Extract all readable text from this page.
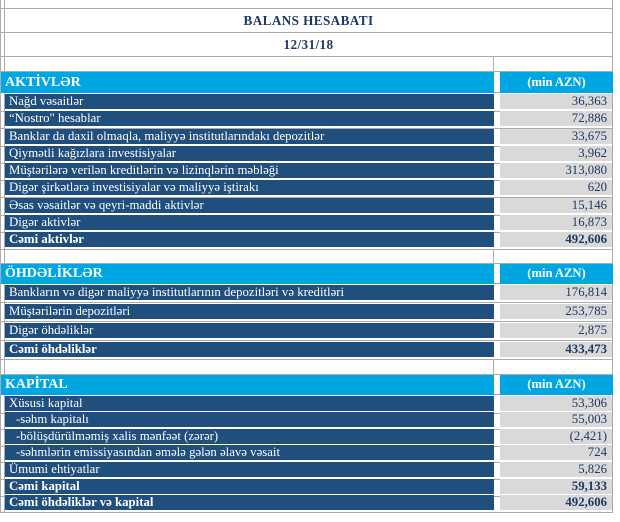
BALANS HESABATI
12/31/18
AKTİVLƏR	(min AZN)
Nağd vəsaitlər	36,363
“Nostro" hesablar	72,886
Banklar da daxil olmaqla, maliyyə institutlarındakı depozitlər	33,675
Qiymətli kağızlara investisiyalar	3,962
Müştərilərə verilən kreditlərin və lizinqlərin məbləği	313,080
Digər şirkətlərə investisiyalar və maliyyə iştirakı	620
Əsas vəsaitlər və qeyri-maddi aktivlər	15,146
Digər aktivlər	16,873
Cəmi aktivlər	492,606
ÖHDƏLİKLƏR	(min AZN)
Bankların və digər maliyyə institutlarının depozitləri və kreditləri	176,814
Müştərilərin depozitləri	253,785
Digər öhdəliklər	2,875
Cəmi öhdəliklər	433,473
KAPİTAL	(min AZN)
Xüsusi kapital	53,306
-səhm kapitalı	55,003
-bölüşdürülməmiş xalis mənfəət (zərər)	(2,421)
-səhmlərin emissiyasından əmələ gələn əlavə vəsait	724
Ümumi ehtiyatlar	5,826
Cəmi kapital	59,133
Cəmi öhdəliklər və kapital	492,606
